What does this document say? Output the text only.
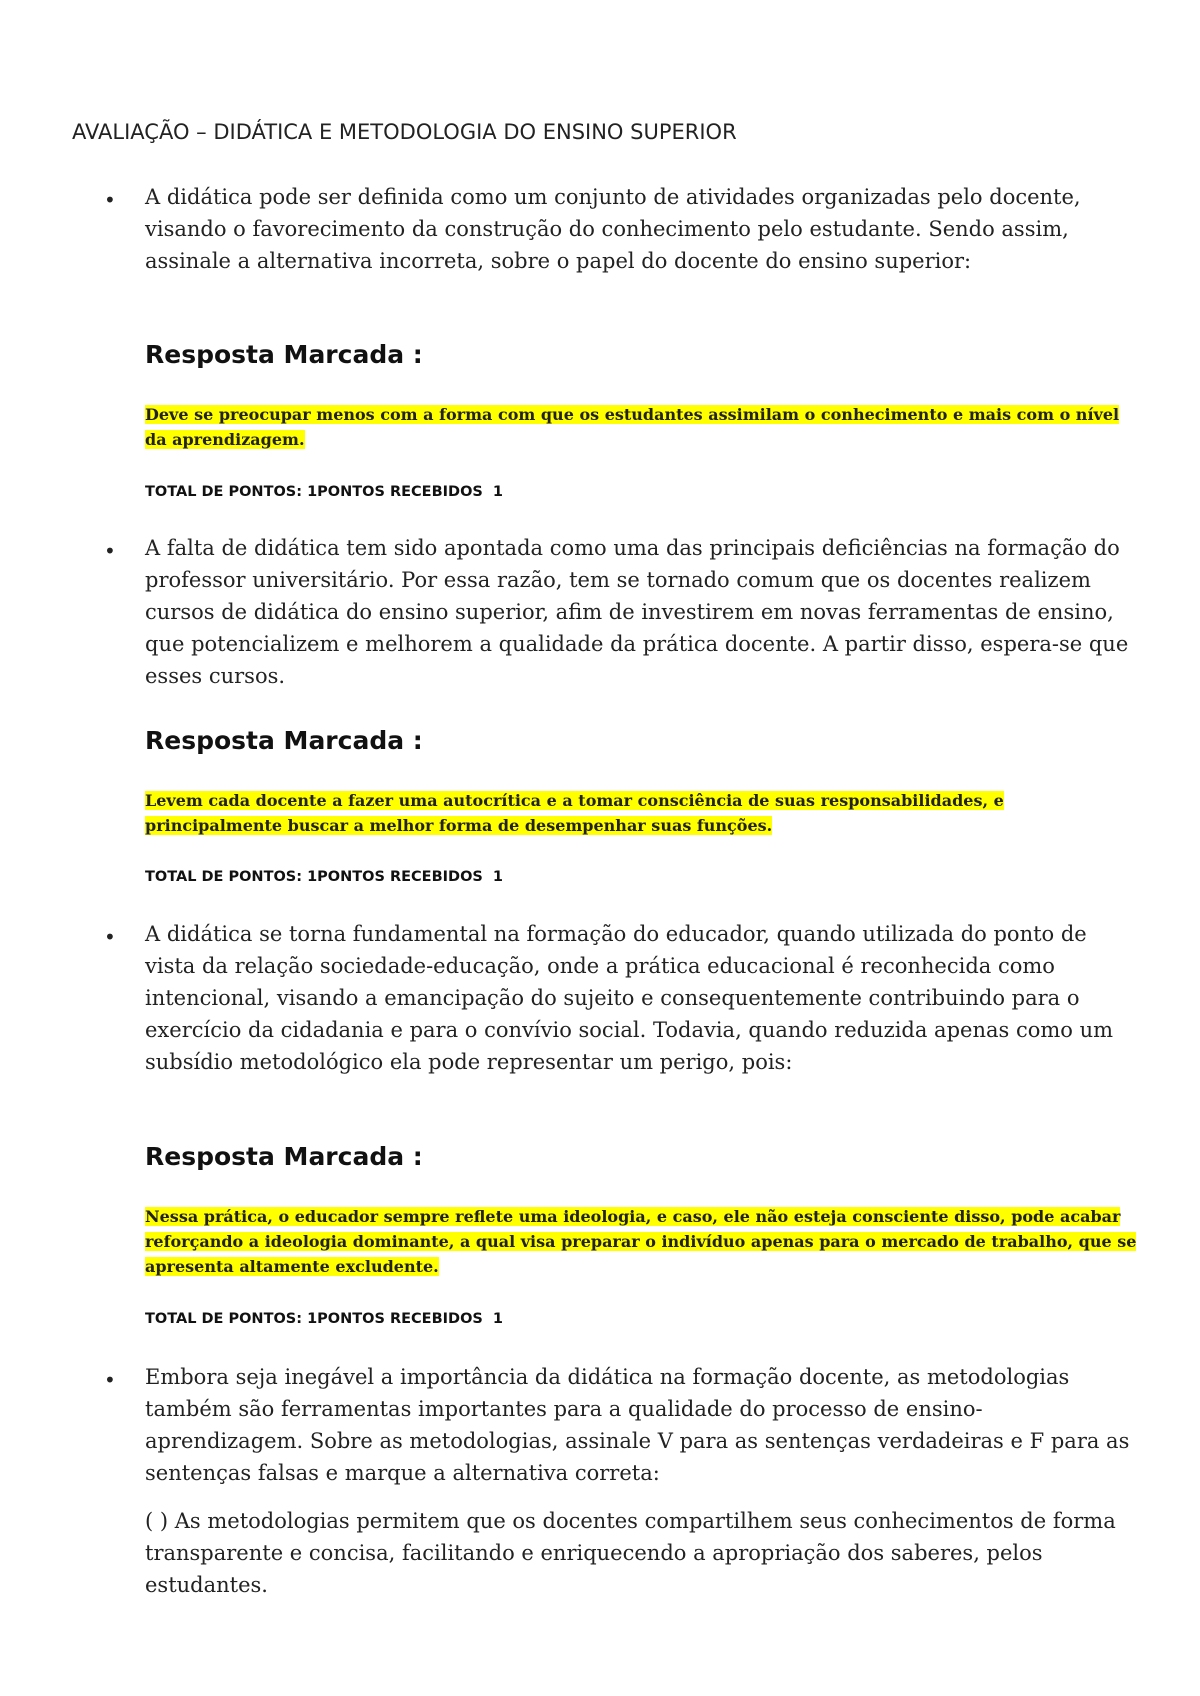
AVALIAÇÃO – DIDÁTICA E METODOLOGIA DO ENSINO SUPERIOR
• A didática pode ser definida como um conjunto de atividades organizadas pelo docente, visando o favorecimento da construção do conhecimento pelo estudante. Sendo assim, assinale a alternativa incorreta, sobre o papel do docente do ensino superior:

Resposta Marcada :

Deve se preocupar menos com a forma com que os estudantes assimilam o conhecimento e mais com o nível da aprendizagem.

TOTAL DE PONTOS: 1PONTOS RECEBIDOS  1
• A falta de didática tem sido apontada como uma das principais deficiências na formação do professor universitário. Por essa razão, tem se tornado comum que os docentes realizem cursos de didática do ensino superior, afim de investirem em novas ferramentas de ensino, que potencializem e melhorem a qualidade da prática docente. A partir disso, espera-se que esses cursos.

Resposta Marcada :

Levem cada docente a fazer uma autocrítica e a tomar consciência de suas responsabilidades, e principalmente buscar a melhor forma de desempenhar suas funções.

TOTAL DE PONTOS: 1PONTOS RECEBIDOS  1
• A didática se torna fundamental na formação do educador, quando utilizada do ponto de vista da relação sociedade-educação, onde a prática educacional é reconhecida como intencional, visando a emancipação do sujeito e consequentemente contribuindo para o exercício da cidadania e para o convívio social. Todavia, quando reduzida apenas como um subsídio metodológico ela pode representar um perigo, pois:

Resposta Marcada :

Nessa prática, o educador sempre reflete uma ideologia, e caso, ele não esteja consciente disso, pode acabar reforçando a ideologia dominante, a qual visa preparar o indivíduo apenas para o mercado de trabalho, que se apresenta altamente excludente.

TOTAL DE PONTOS: 1PONTOS RECEBIDOS  1
• Embora seja inegável a importância da didática na formação docente, as metodologias também são ferramentas importantes para a qualidade do processo de ensino-aprendizagem. Sobre as metodologias, assinale V para as sentenças verdadeiras e F para as sentenças falsas e marque a alternativa correta:

( ) As metodologias permitem que os docentes compartilhem seus conhecimentos de forma transparente e concisa, facilitando e enriquecendo a apropriação dos saberes, pelos estudantes.
